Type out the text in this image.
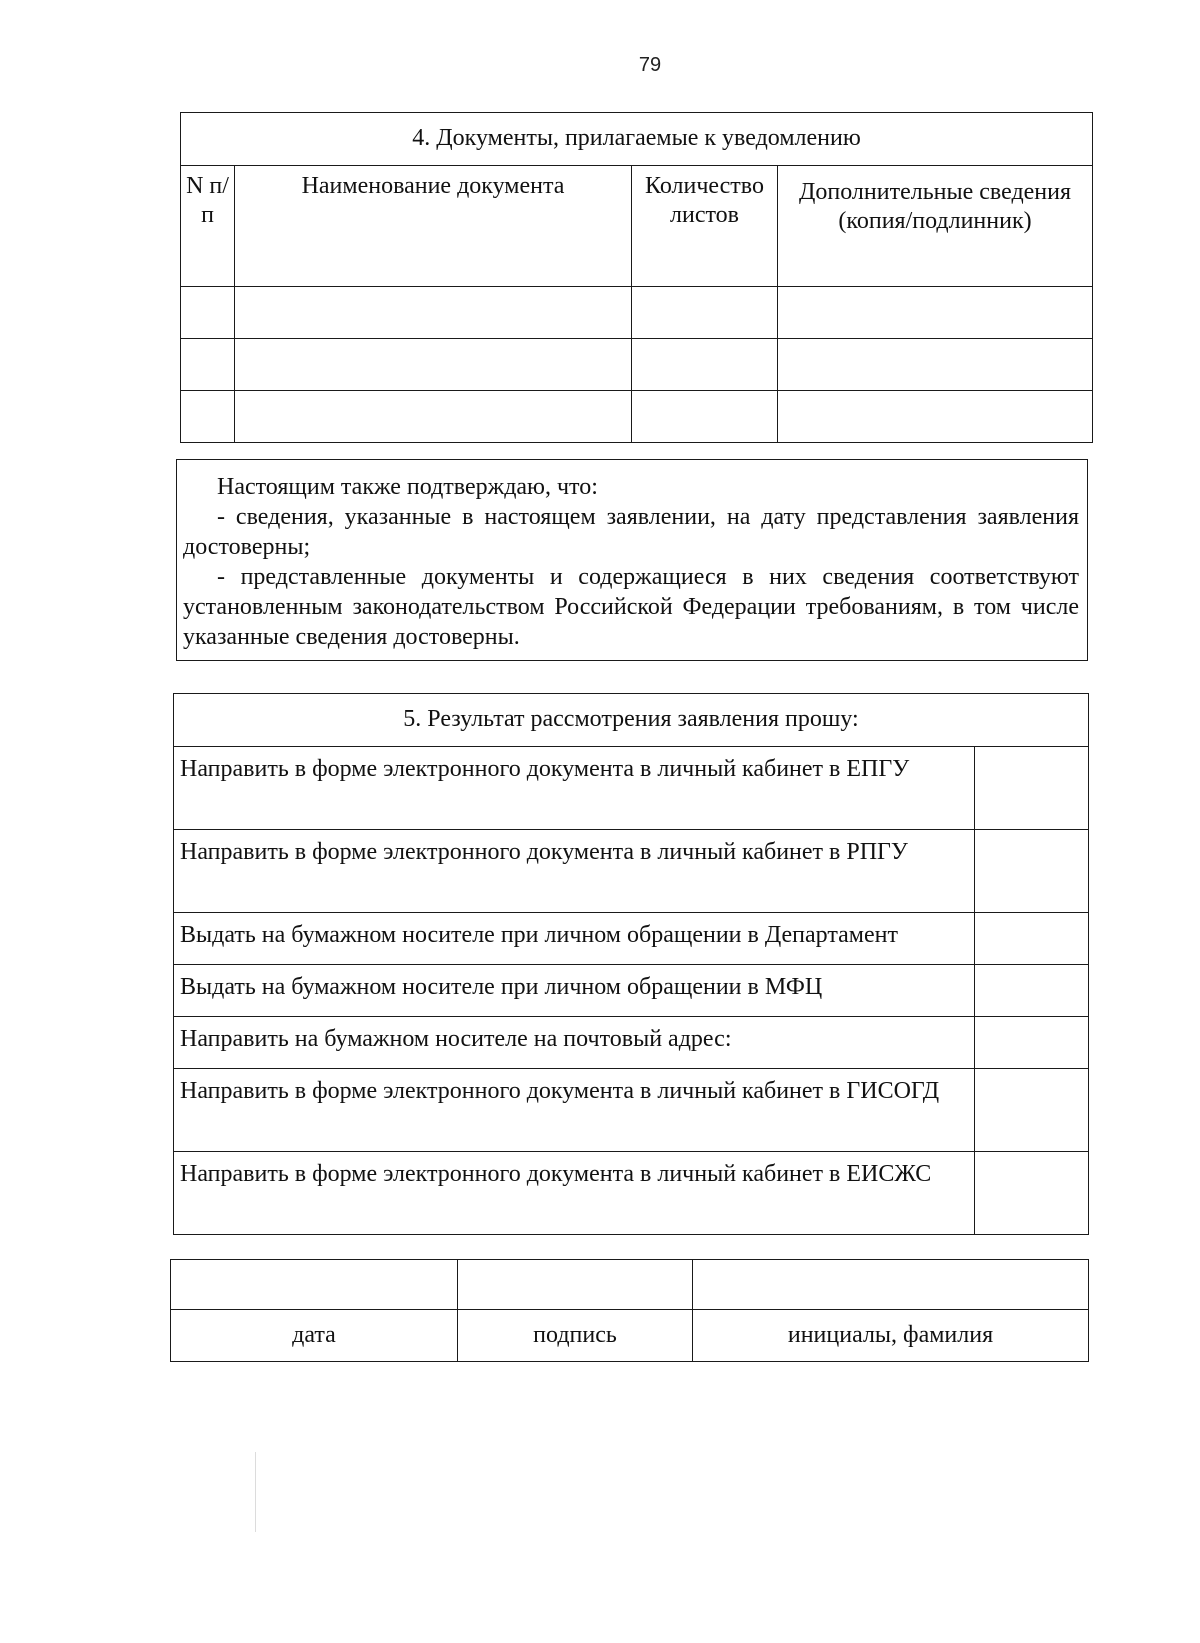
79
4. Документы, прилагаемые к уведомлению			
N п/п	Наименование документа	Количество листов	Дополнительные сведения (копия/подлинник)

Настоящим также подтверждаю, что:

- сведения, указанные в настоящем заявлении, на дату представления заявления достоверны;

- представленные документы и содержащиеся в них сведения соответствуют установленным законодательством Российской Федерации требованиям, в том числе указанные сведения достоверны.

5. Результат рассмотрения заявления прошу:	
Направить в форме электронного документа в личный кабинет в ЕПГУ	
Направить в форме электронного документа в личный кабинет в РПГУ	
Выдать на бумажном носителе при личном обращении в Департамент	
Выдать на бумажном носителе при личном обращении в МФЦ	
Направить на бумажном носителе на почтовый адрес:	
Направить в форме электронного документа в личный кабинет в ГИСОГД	
Направить в форме электронного документа в личный кабинет в ЕИСЖС	

дата	подпись	инициалы, фамилия
